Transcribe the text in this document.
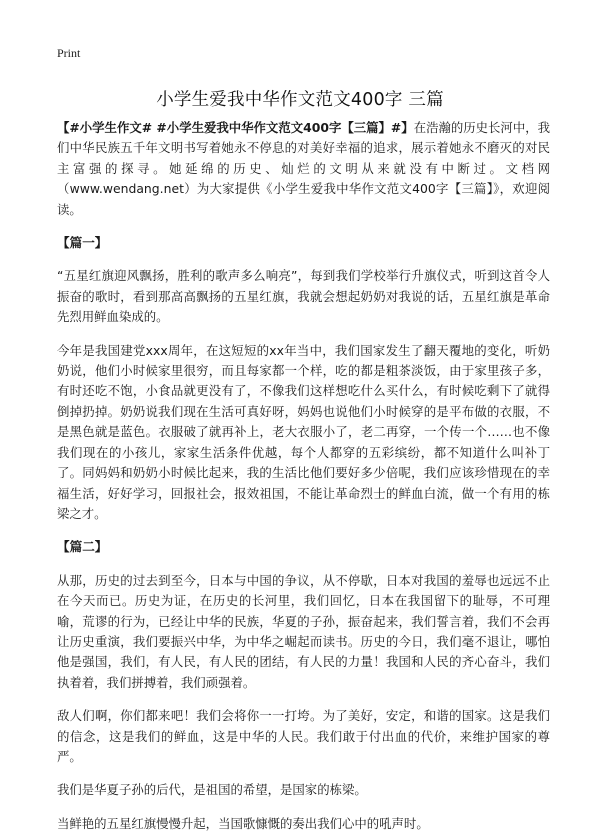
Print
小学生爱我中华作文范文400字 三篇

【#小学生作文# #小学生爱我中华作文范文400字【三篇】#】在浩瀚的历史长河中，我们中华民族五千年文明书写着她永不停息的对美好幸福的追求，展示着她永不磨灭的对民主富强的探寻。她延绵的历史、灿烂的文明从来就没有中断过。文档网（www.wendang.net）为大家提供《小学生爱我中华作文范文400字【三篇】》，欢迎阅读。

【篇一】

“五星红旗迎风飘扬，胜利的歌声多么响亮”，每到我们学校举行升旗仪式，听到这首令人振奋的歌时，看到那高高飘扬的五星红旗，我就会想起奶奶对我说的话，五星红旗是革命先烈用鲜血染成的。

今年是我国建党xxx周年，在这短短的xx年当中，我们国家发生了翻天覆地的变化，听奶奶说，他们小时候家里很穷，而且每家都一个样，吃的都是粗茶淡饭，由于家里孩子多，有时还吃不饱，小食品就更没有了，不像我们这样想吃什么买什么，有时候吃剩下了就得倒掉扔掉。奶奶说我们现在生活可真好呀，妈妈也说他们小时候穿的是平布做的衣服，不是黑色就是蓝色。衣服破了就再补上，老大衣服小了，老二再穿，一个传一个……也不像我们现在的小孩儿，家家生活条件优越，每个人都穿的五彩缤纷，都不知道什么叫补丁了。同妈妈和奶奶小时候比起来，我的生活比他们要好多少倍呢，我们应该珍惜现在的幸福生活，好好学习，回报社会，报效祖国，不能让革命烈士的鲜血白流，做一个有用的栋梁之才。

【篇二】

从那，历史的过去到至今，日本与中国的争议，从不停歇，日本对我国的羞辱也远远不止在今天而已。历史为证，在历史的长河里，我们回忆，日本在我国留下的耻辱，不可理喻，荒谬的行为，已经让中华的民族，华夏的子孙，振奋起来，我们誓言着，我们不会再让历史重演，我们要振兴中华，为中华之崛起而读书。历史的今日，我们毫不退让，哪怕他是强国，我们，有人民，有人民的团结，有人民的力量！我国和人民的齐心奋斗，我们执着着，我们拼搏着，我们顽强着。

敌人们啊，你们都来吧！我们会将你一一打垮。为了美好，安定，和谐的国家。这是我们的信念，这是我们的鲜血，这是中华的人民。我们敢于付出血的代价，来维护国家的尊严。

我们是华夏子孙的后代，是祖国的希望，是国家的栋梁。

当鲜艳的五星红旗慢慢升起，当国歌慷慨的奏出我们心中的吼声时。
